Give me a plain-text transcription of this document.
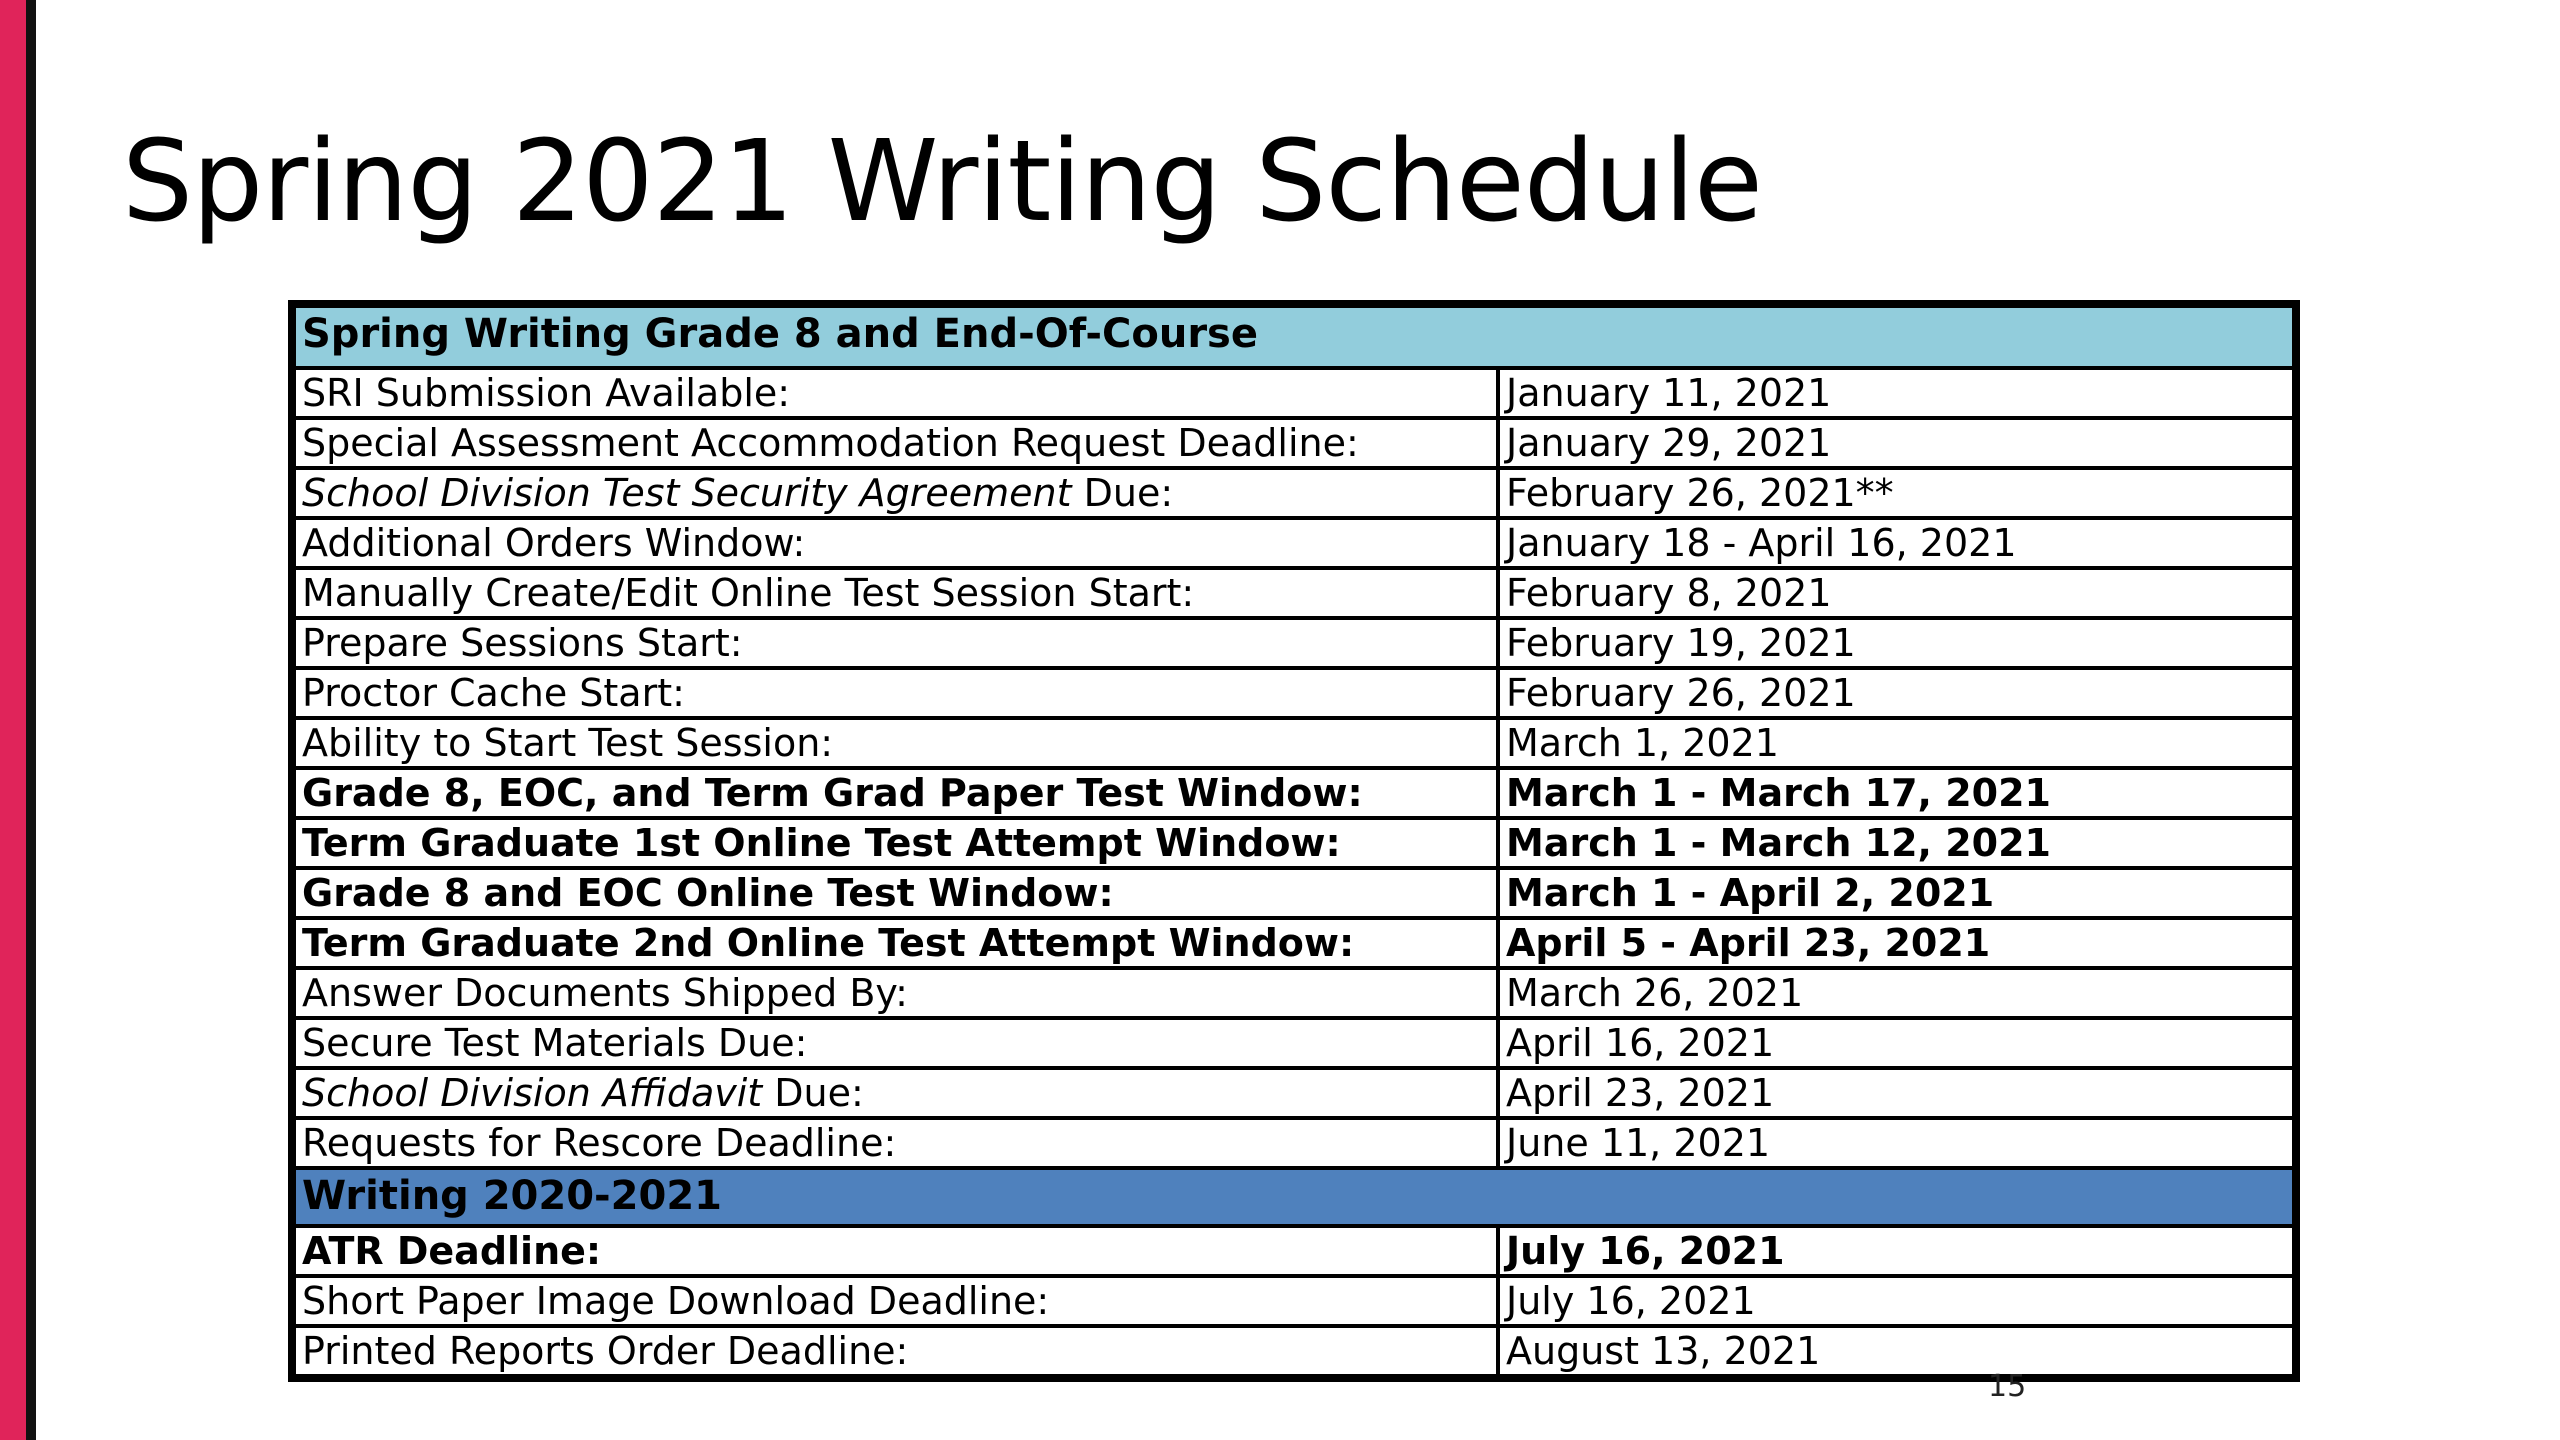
Spring 2021 Writing Schedule
Spring Writing Grade 8 and End-Of-Course
SRI Submission Available:	January 11, 2021
Special Assessment Accommodation Request Deadline:	January 29, 2021
School Division Test Security Agreement Due:	February 26, 2021**
Additional Orders Window:	January 18 - April 16, 2021
Manually Create/Edit Online Test Session Start:	February 8, 2021
Prepare Sessions Start:	February 19, 2021
Proctor Cache Start:	February 26, 2021
Ability to Start Test Session:	March 1, 2021
Grade 8, EOC, and Term Grad Paper Test Window:	March 1 - March 17, 2021
Term Graduate 1st Online Test Attempt Window:	March 1 - March 12, 2021
Grade 8 and EOC Online Test Window:	March 1 - April 2, 2021
Term Graduate 2nd Online Test Attempt Window:	April 5 - April 23, 2021
Answer Documents Shipped By:	March 26, 2021
Secure Test Materials Due:	April 16, 2021
School Division Affidavit Due:	April 23, 2021
Requests for Rescore Deadline:	June 11, 2021
Writing 2020-2021
ATR Deadline:	July 16, 2021
Short Paper Image Download Deadline:	July 16, 2021
Printed Reports Order Deadline:	August 13, 2021
15
